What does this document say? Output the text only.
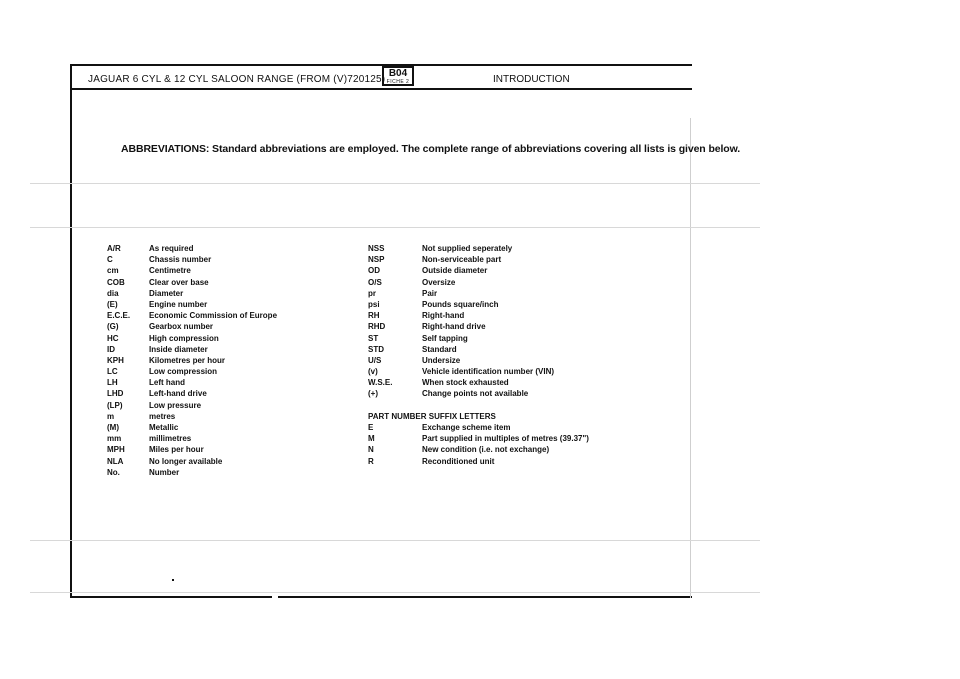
JAGUAR 6 CYL & 12 CYL SALOON RANGE (FROM (V)720125)
B04
FICHE 2	INTRODUCTION
ABBREVIATIONS: Standard abbreviations are employed. The complete range of abbreviations covering all lists is given below.
A/R	As required
C	Chassis number
cm	Centimetre
COB	Clear over base
dia	Diameter
(E)	Engine number
E.C.E.	Economic Commission of Europe
(G)	Gearbox number
HC	High compression
ID	Inside diameter
KPH	Kilometres per hour
LC	Low compression
LH	Left hand
LHD	Left-hand drive
(LP)	Low pressure
m	metres
(M)	Metallic
mm	millimetres
MPH	Miles per hour
NLA	No longer available
No.	Number
NSS	Not supplied seperately
NSP	Non-serviceable part
OD	Outside diameter
O/S	Oversize
pr	Pair
psi	Pounds square/inch
RH	Right-hand
RHD	Right-hand drive
ST	Self tapping
STD	Standard
U/S	Undersize
(v)	Vehicle identification number (VIN)
W.S.E.	When stock exhausted
(+)	Change points not available
PART NUMBER SUFFIX LETTERS
E	Exchange scheme item
M	Part supplied in multiples of metres (39.37")
N	New condition (i.e. not exchange)
R	Reconditioned unit
